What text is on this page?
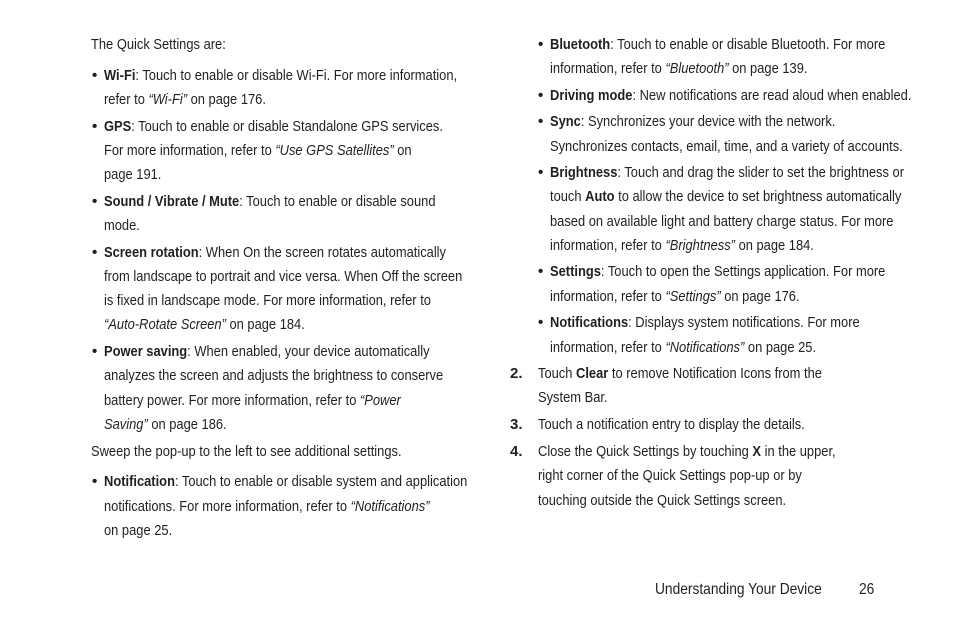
The Quick Settings are:
• Wi-Fi: Touch to enable or disable Wi-Fi. For more information,
refer to “Wi-Fi” on page 176.
• GPS: Touch to enable or disable Standalone GPS services.
For more information, refer to “Use GPS Satellites” on
page 191.
• Sound / Vibrate / Mute: Touch to enable or disable sound
mode.
• Screen rotation: When On the screen rotates automatically
from landscape to portrait and vice versa. When Off the screen
is fixed in landscape mode. For more information, refer to
“Auto-Rotate Screen” on page 184.
• Power saving: When enabled, your device automatically
analyzes the screen and adjusts the brightness to conserve
battery power. For more information, refer to “Power
Saving” on page 186.
Sweep the pop-up to the left to see additional settings.
• Notification: Touch to enable or disable system and application
notifications. For more information, refer to “Notifications”
on page 25.
• Bluetooth: Touch to enable or disable Bluetooth. For more
information, refer to “Bluetooth” on page 139.
• Driving mode: New notifications are read aloud when enabled.
• Sync: Synchronizes your device with the network.
Synchronizes contacts, email, time, and a variety of accounts.
• Brightness: Touch and drag the slider to set the brightness or
touch Auto to allow the device to set brightness automatically
based on available light and battery charge status. For more
information, refer to “Brightness” on page 184.
• Settings: Touch to open the Settings application. For more
information, refer to “Settings” on page 176.
• Notifications: Displays system notifications. For more
information, refer to “Notifications” on page 25.
2. Touch Clear to remove Notification Icons from the
System Bar.
3. Touch a notification entry to display the details.
4. Close the Quick Settings by touching X in the upper,
right corner of the Quick Settings pop-up or by
touching outside the Quick Settings screen.
Understanding Your Device	26
